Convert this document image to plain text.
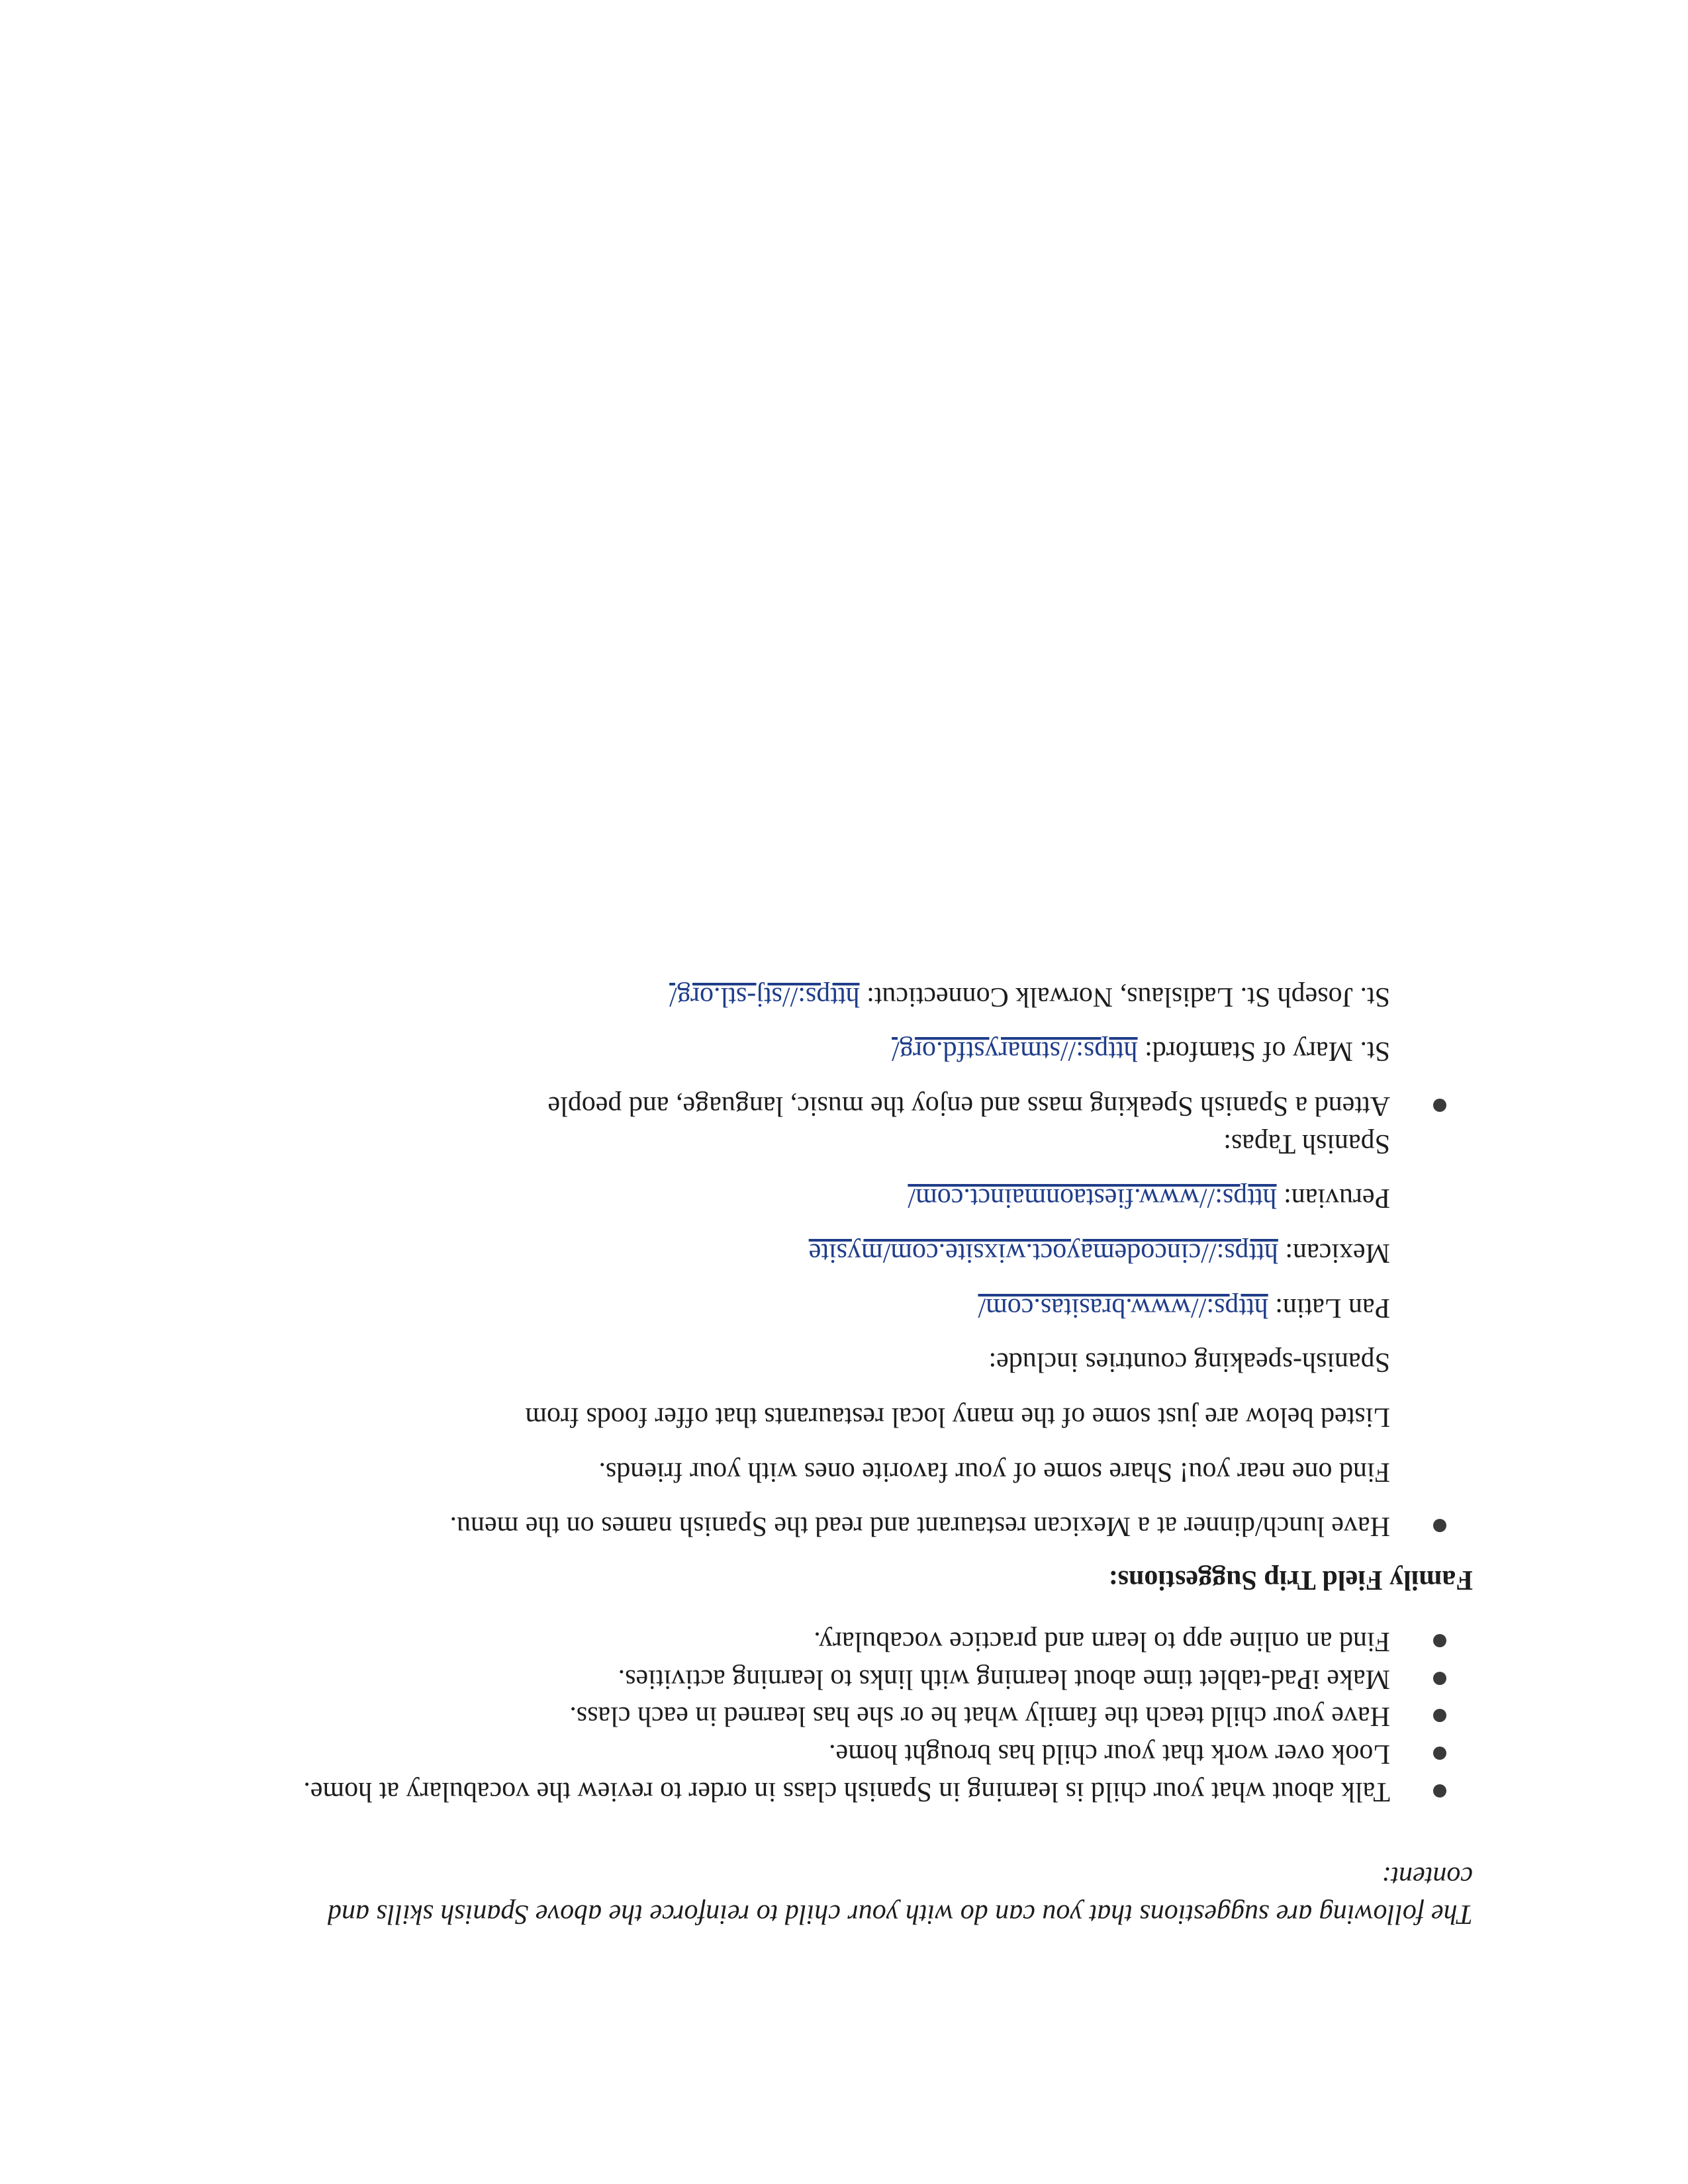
The following are suggestions that you can do with your child to reinforce the above Spanish skills and content:

Talk about what your child is learning in Spanish class in order to review the vocabulary at home.
Look over work that your child has brought home.
Have your child teach the family what he or she has learned in each class.
Make iPad-tablet time about learning with links to learning activities.
Find an online app to learn and practice vocabulary.
Family Field Trip Suggestions:
Have lunch/dinner at a Mexican restaurant and read the Spanish names on the menu.

Find one near you! Share some of your favorite ones with your friends.

Listed below are just some of the many local restaurants that offer foods from

Spanish-speaking countries include:

Pan Latin: https://www.brasitas.com/

Mexican: https://cincodemayoct.wixsite.com/mysite

Peruvian: https://www.fiestaonmainct.com/

Spanish Tapas:

Attend a Spanish Speaking mass and enjoy the music, language, and people

St. Mary of Stamford: https://stmarystfd.org/

St. Joseph St. Ladislaus, Norwalk Connecticut: https://stj-stl.org/
